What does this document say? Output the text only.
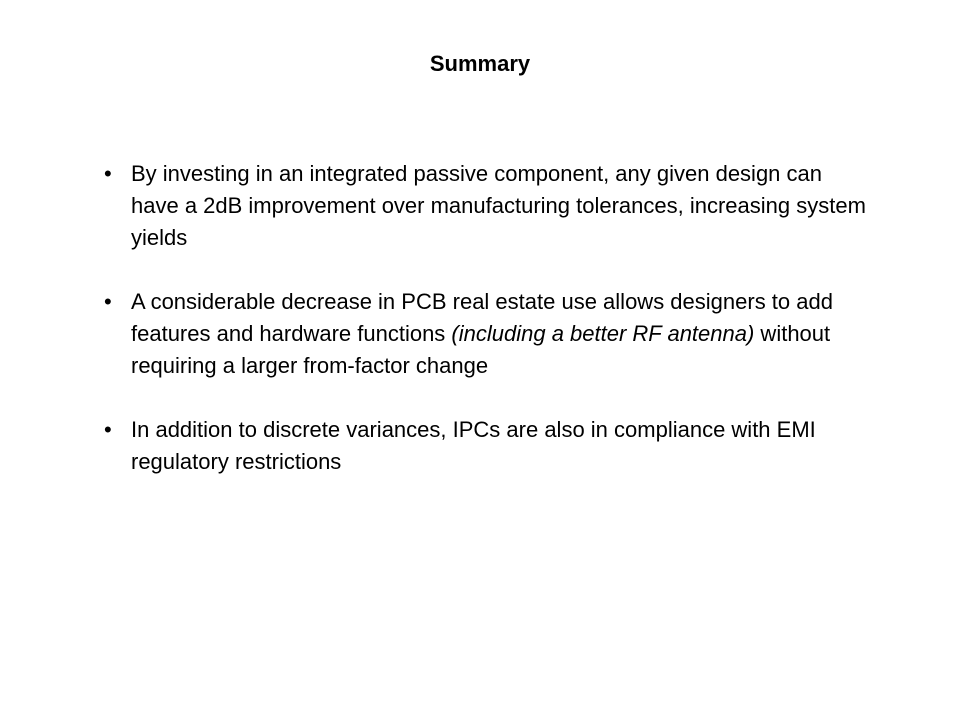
Summary
• By investing in an integrated passive component, any given design can have a 2dB improvement over manufacturing tolerances, increasing system yields
• A considerable decrease in PCB real estate use allows designers to add features and hardware functions (including a better RF antenna) without requiring a larger from-factor change
• In addition to discrete variances, IPCs are also in compliance with EMI regulatory restrictions
